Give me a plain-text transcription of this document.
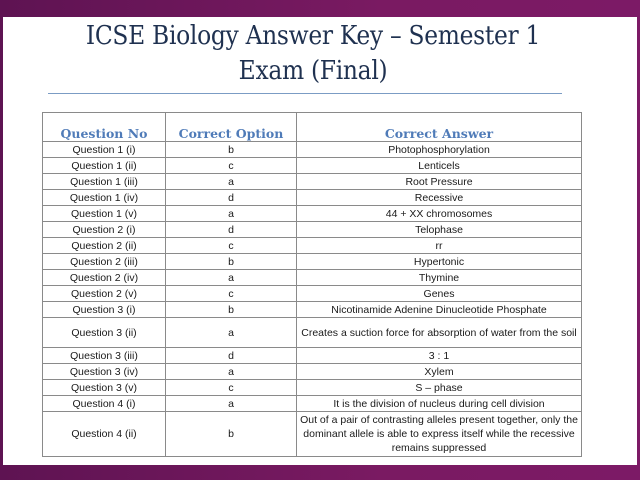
ICSE Biology Answer Key – Semester 1
Exam (Final)
Question No	Correct Option	Correct Answer
Question 1 (i)	b	Photophosphorylation
Question 1 (ii)	c	Lenticels
Question 1 (iii)	a	Root Pressure
Question 1 (iv)	d	Recessive
Question 1 (v)	a	44 + XX chromosomes
Question 2 (i)	d	Telophase
Question 2 (ii)	c	rr
Question 2 (iii)	b	Hypertonic
Question 2 (iv)	a	Thymine
Question 2 (v)	c	Genes
Question 3 (i)	b	Nicotinamide Adenine Dinucleotide Phosphate
Question 3 (ii)	a	Creates a suction force for absorption of water from the soil
Question 3 (iii)	d	3 : 1
Question 3 (iv)	a	Xylem
Question 3 (v)	c	S – phase
Question 4 (i)	a	It is the division of nucleus during cell division
Question 4 (ii)	b	Out of a pair of contrasting alleles present together, only the dominant allele is able to express itself while the recessive remains suppressed
